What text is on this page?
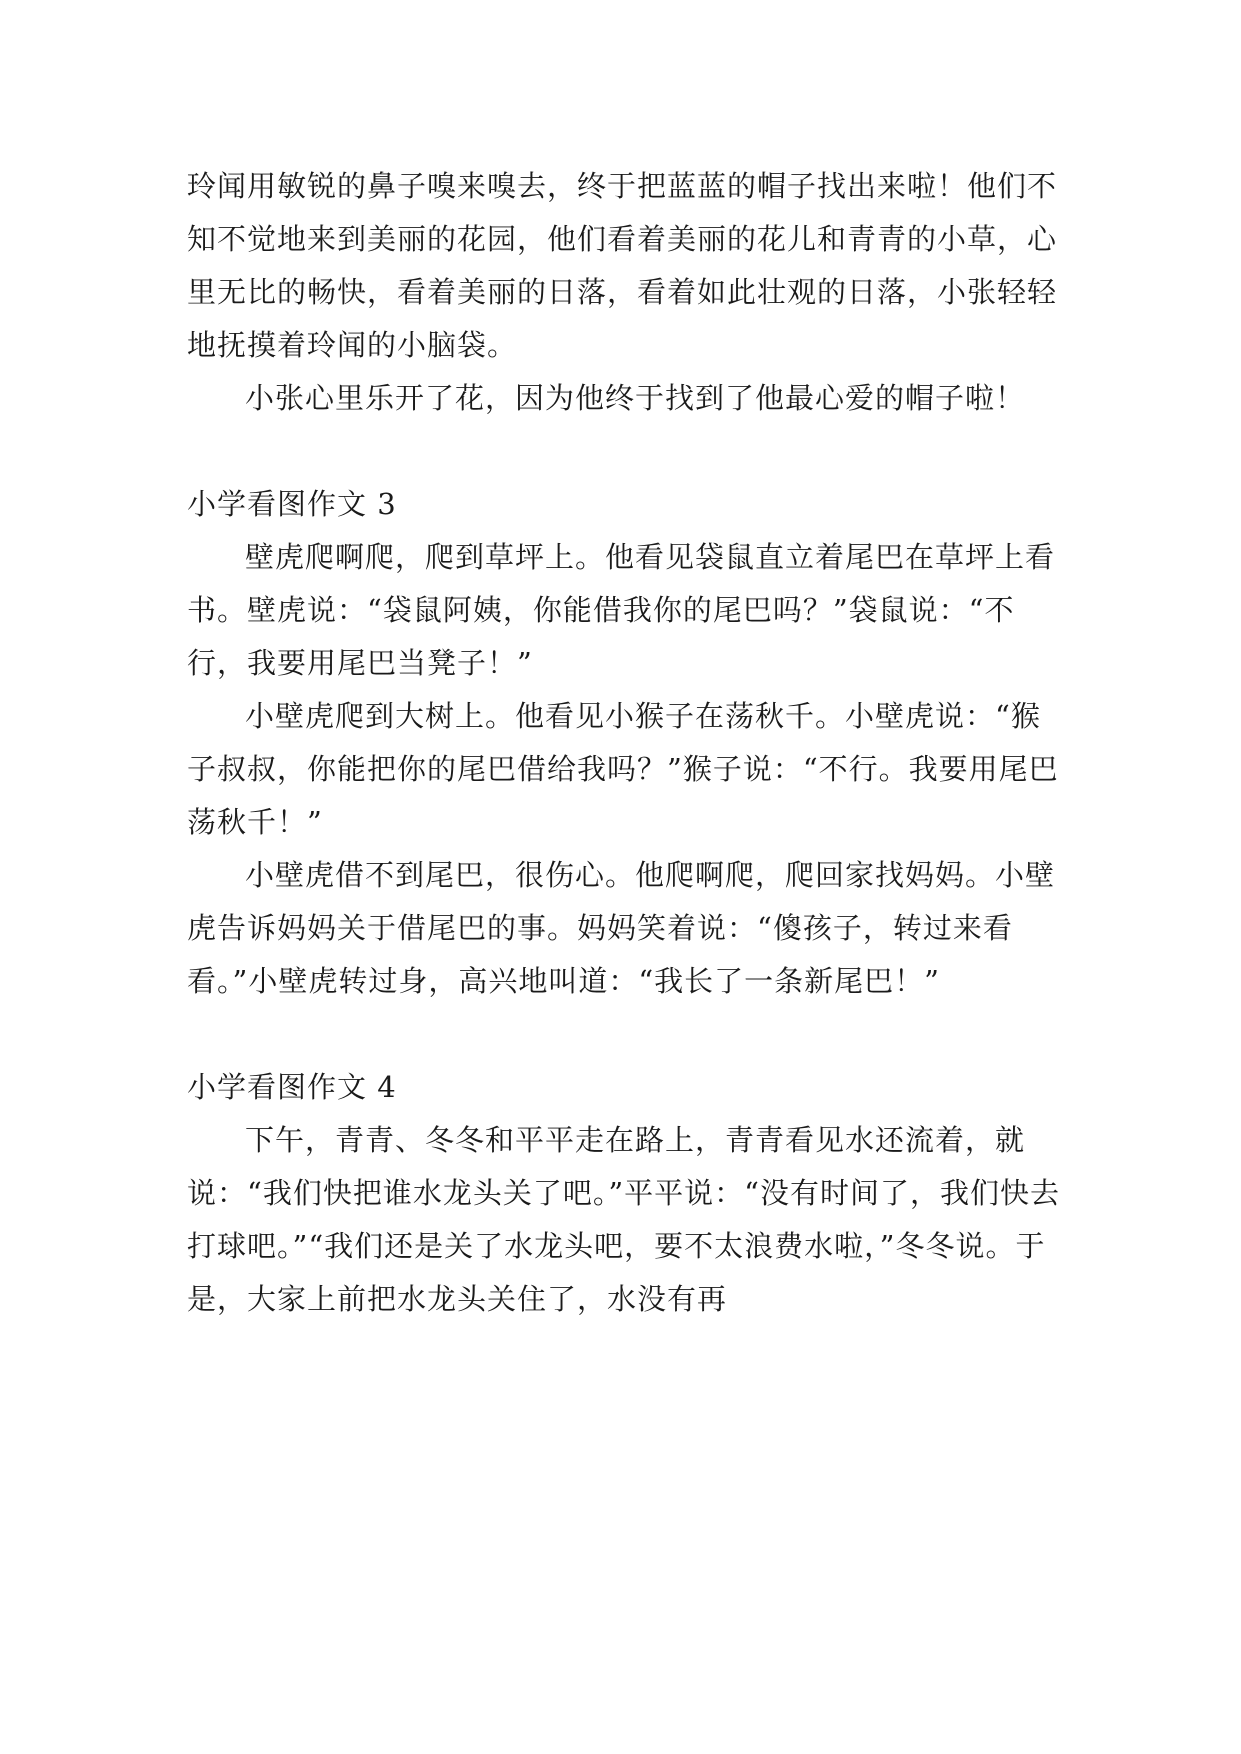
玲闻用敏锐的鼻子嗅来嗅去，终于把蓝蓝的帽子找出来啦！他们不知不觉地来到美丽的花园，他们看着美丽的花儿和青青的小草，心里无比的畅快，看着美丽的日落，看着如此壮观的日落，小张轻轻地抚摸着玲闻的小脑袋。

小张心里乐开了花，因为他终于找到了他最心爱的帽子啦！

小学看图作文 3

壁虎爬啊爬，爬到草坪上。他看见袋鼠直立着尾巴在草坪上看书。壁虎说：“袋鼠阿姨，你能借我你的尾巴吗？”袋鼠说：“不行，我要用尾巴当凳子！”

小壁虎爬到大树上。他看见小猴子在荡秋千。小壁虎说：“猴子叔叔，你能把你的尾巴借给我吗？”猴子说：“不行。我要用尾巴荡秋千！”

小壁虎借不到尾巴，很伤心。他爬啊爬，爬回家找妈妈。小壁虎告诉妈妈关于借尾巴的事。妈妈笑着说：“傻孩子，转过来看看。”小壁虎转过身，高兴地叫道：“我长了一条新尾巴！”

小学看图作文 4

下午，青青、冬冬和平平走在路上，青青看见水还流着，就说：“我们快把谁水龙头关了吧。”平平说：“没有时间了，我们快去打球吧。”“我们还是关了水龙头吧，要不太浪费水啦，”冬冬说。于是，大家上前把水龙头关住了，水没有再
